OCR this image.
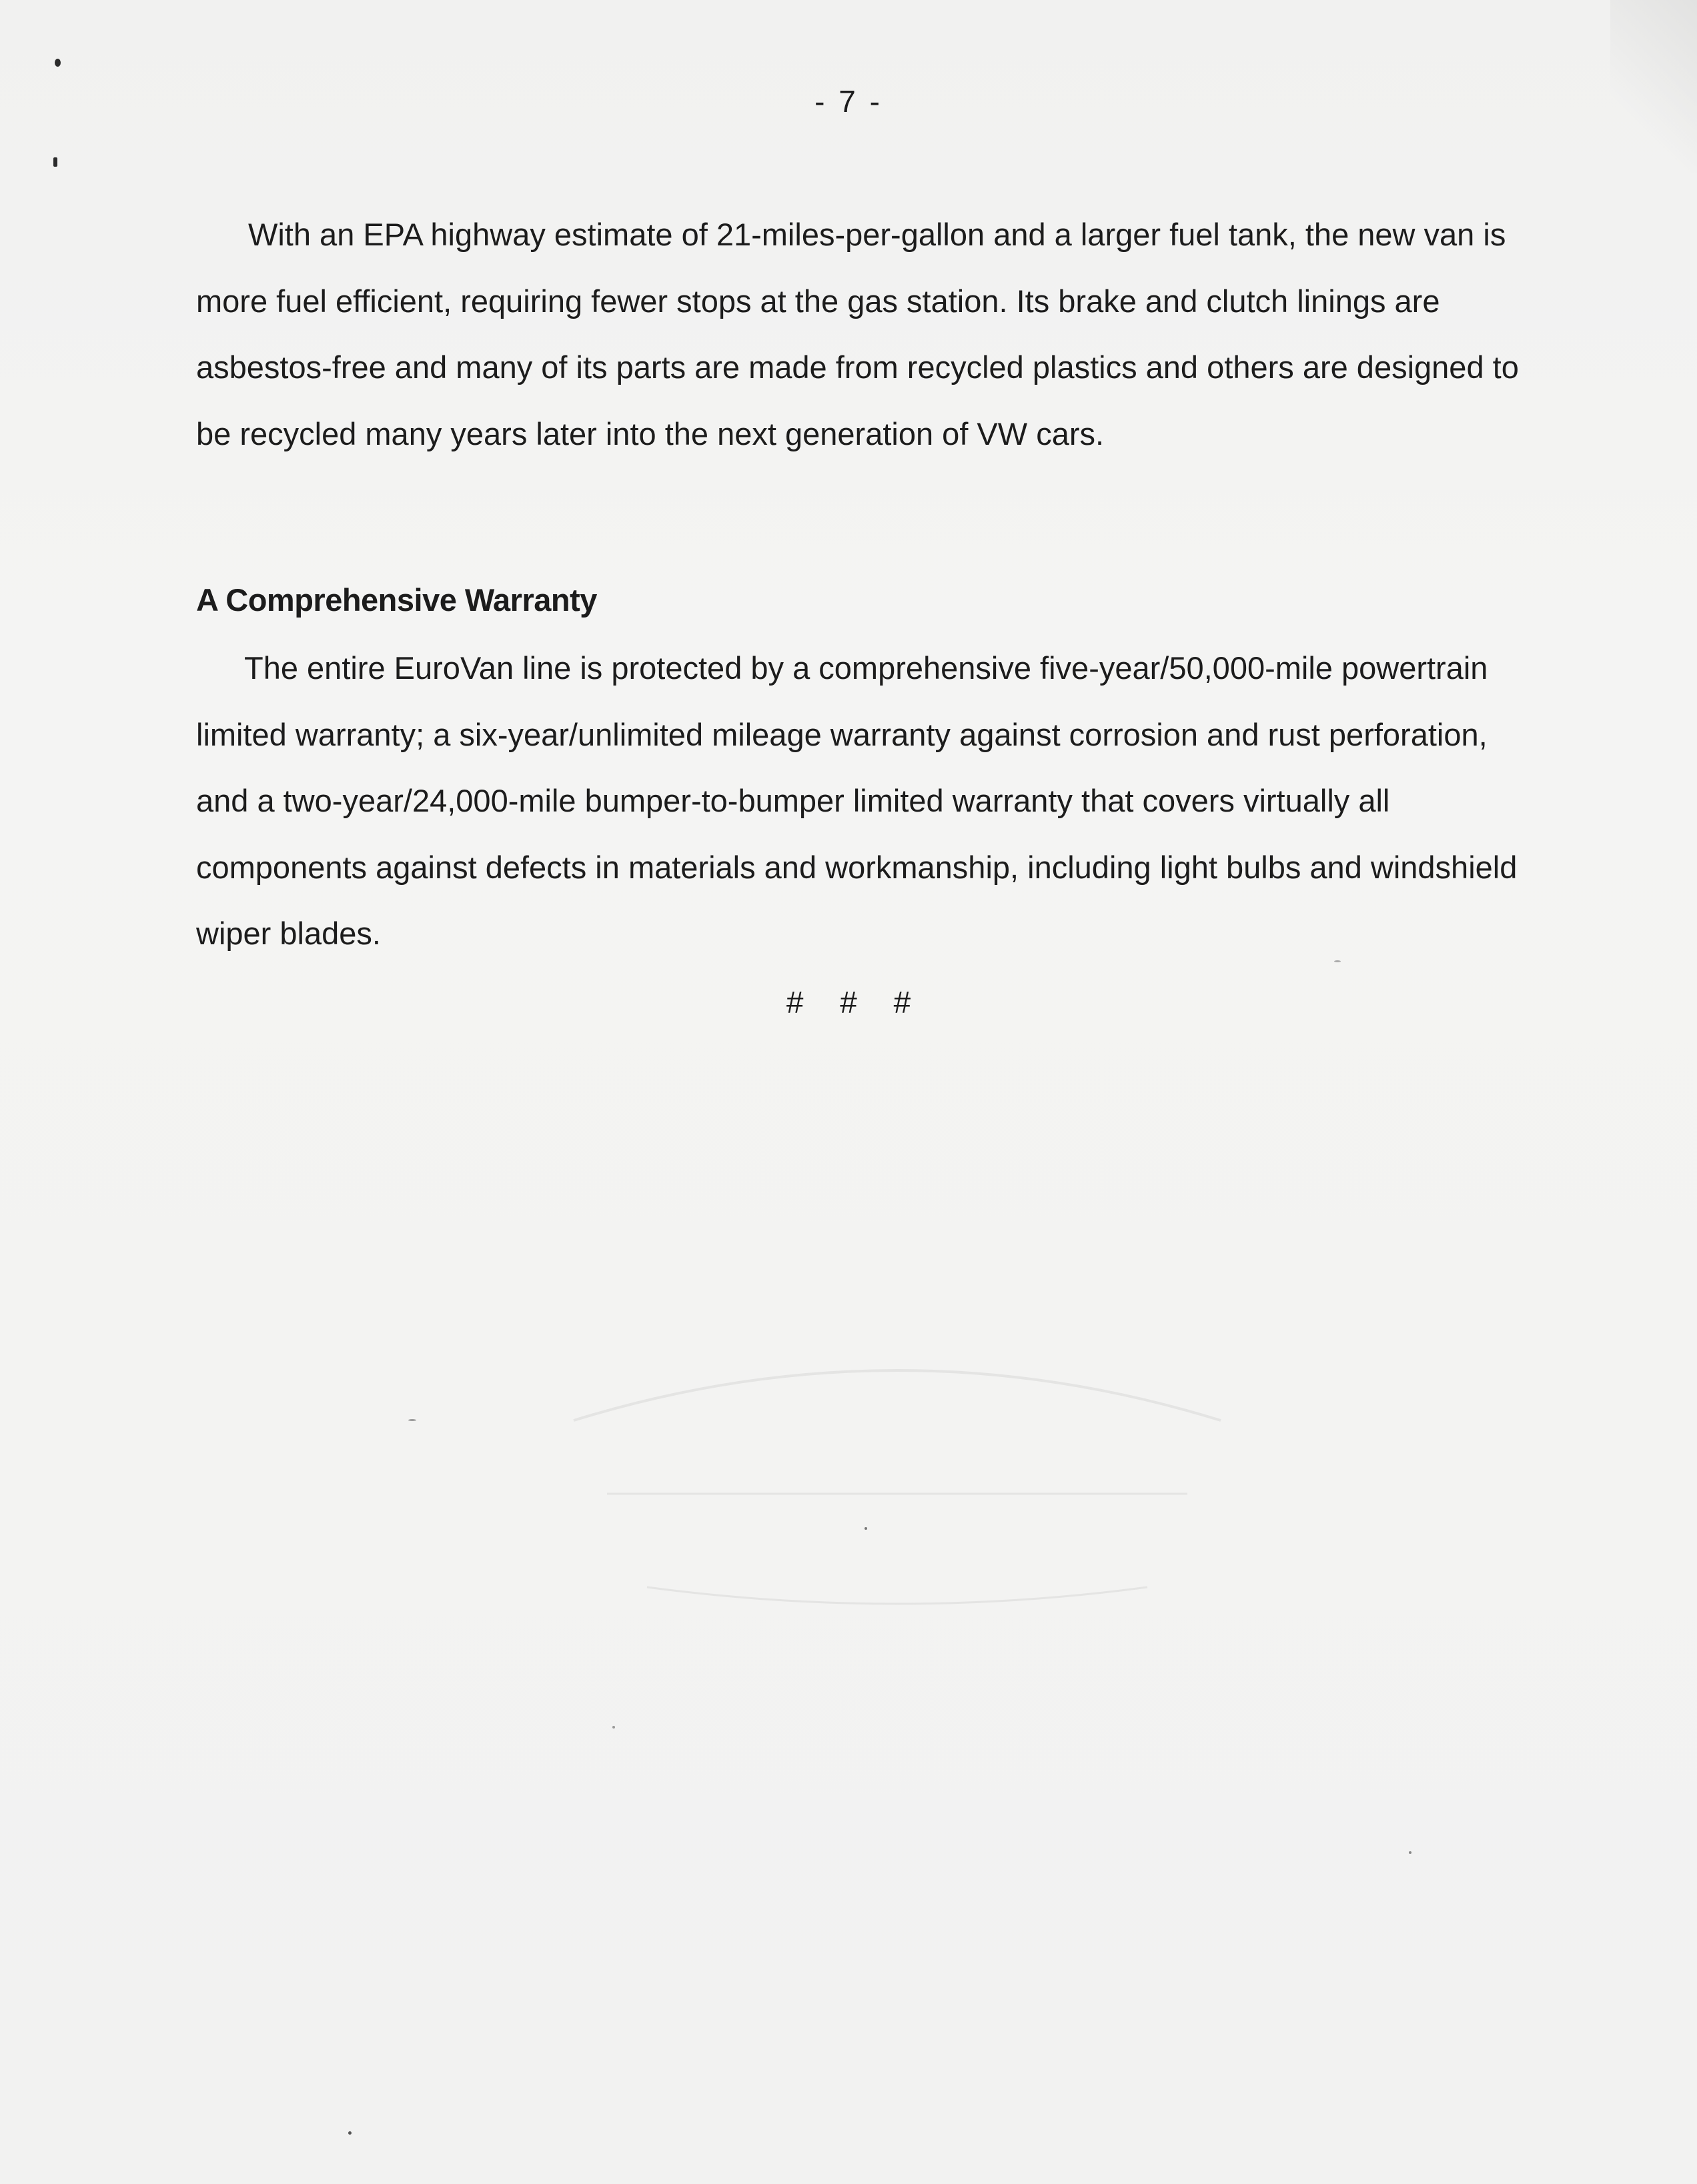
- 7 -

With an EPA highway estimate of 21-miles-per-gallon and a larger fuel tank, the new van is more fuel efficient, requiring fewer stops at the gas station. Its brake and clutch linings are asbestos-free and many of its parts are made from recycled plastics and others are designed to be recycled many years later into the next generation of VW cars.

A Comprehensive Warranty

The entire EuroVan line is protected by a comprehensive five-year/50,000-mile powertrain limited warranty; a six-year/unlimited mileage warranty against corrosion and rust perforation, and a two-year/24,000-mile bumper-to-bumper limited warranty that covers virtually all components against defects in materials and workmanship, including light bulbs and windshield wiper blades.

# # #
